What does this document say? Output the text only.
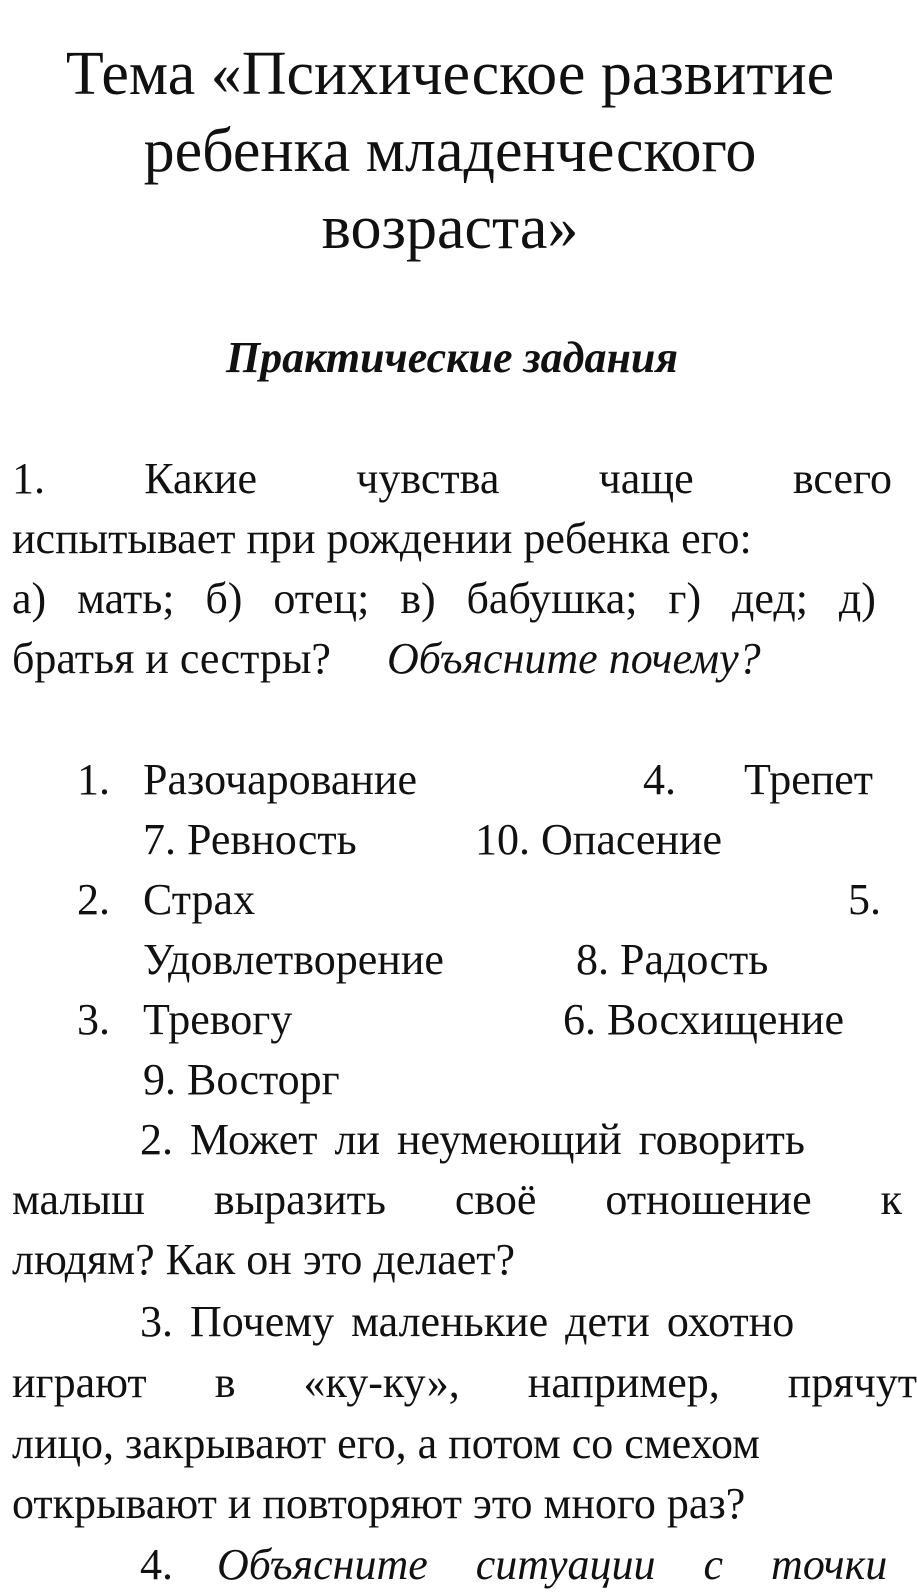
Тема «Психическое развитие
ребенка младенческого
возраста»
Практические задания
1. Какие чувства чаще всего
испытывает при рождении ребенка его:
а) мать; б) отец; в) бабушка; г) дед; д)
братья и сестры? Объясните почему?
1. Разочарование	4. Трепет
7. Ревность	10. Опасение
2. Страх	5.
Удовлетворение	8. Радость
3. Тревогу	6. Восхищение
9. Восторг
2. Может ли неумеющий говорить
малыш выразить своё отношение к
людям? Как он это делает?
3. Почему маленькие дети охотно
играют в «ку-ку», например, прячут
лицо, закрывают его, а потом со смехом
открывают и повторяют это много раз?
4. Объясните ситуации с точки
